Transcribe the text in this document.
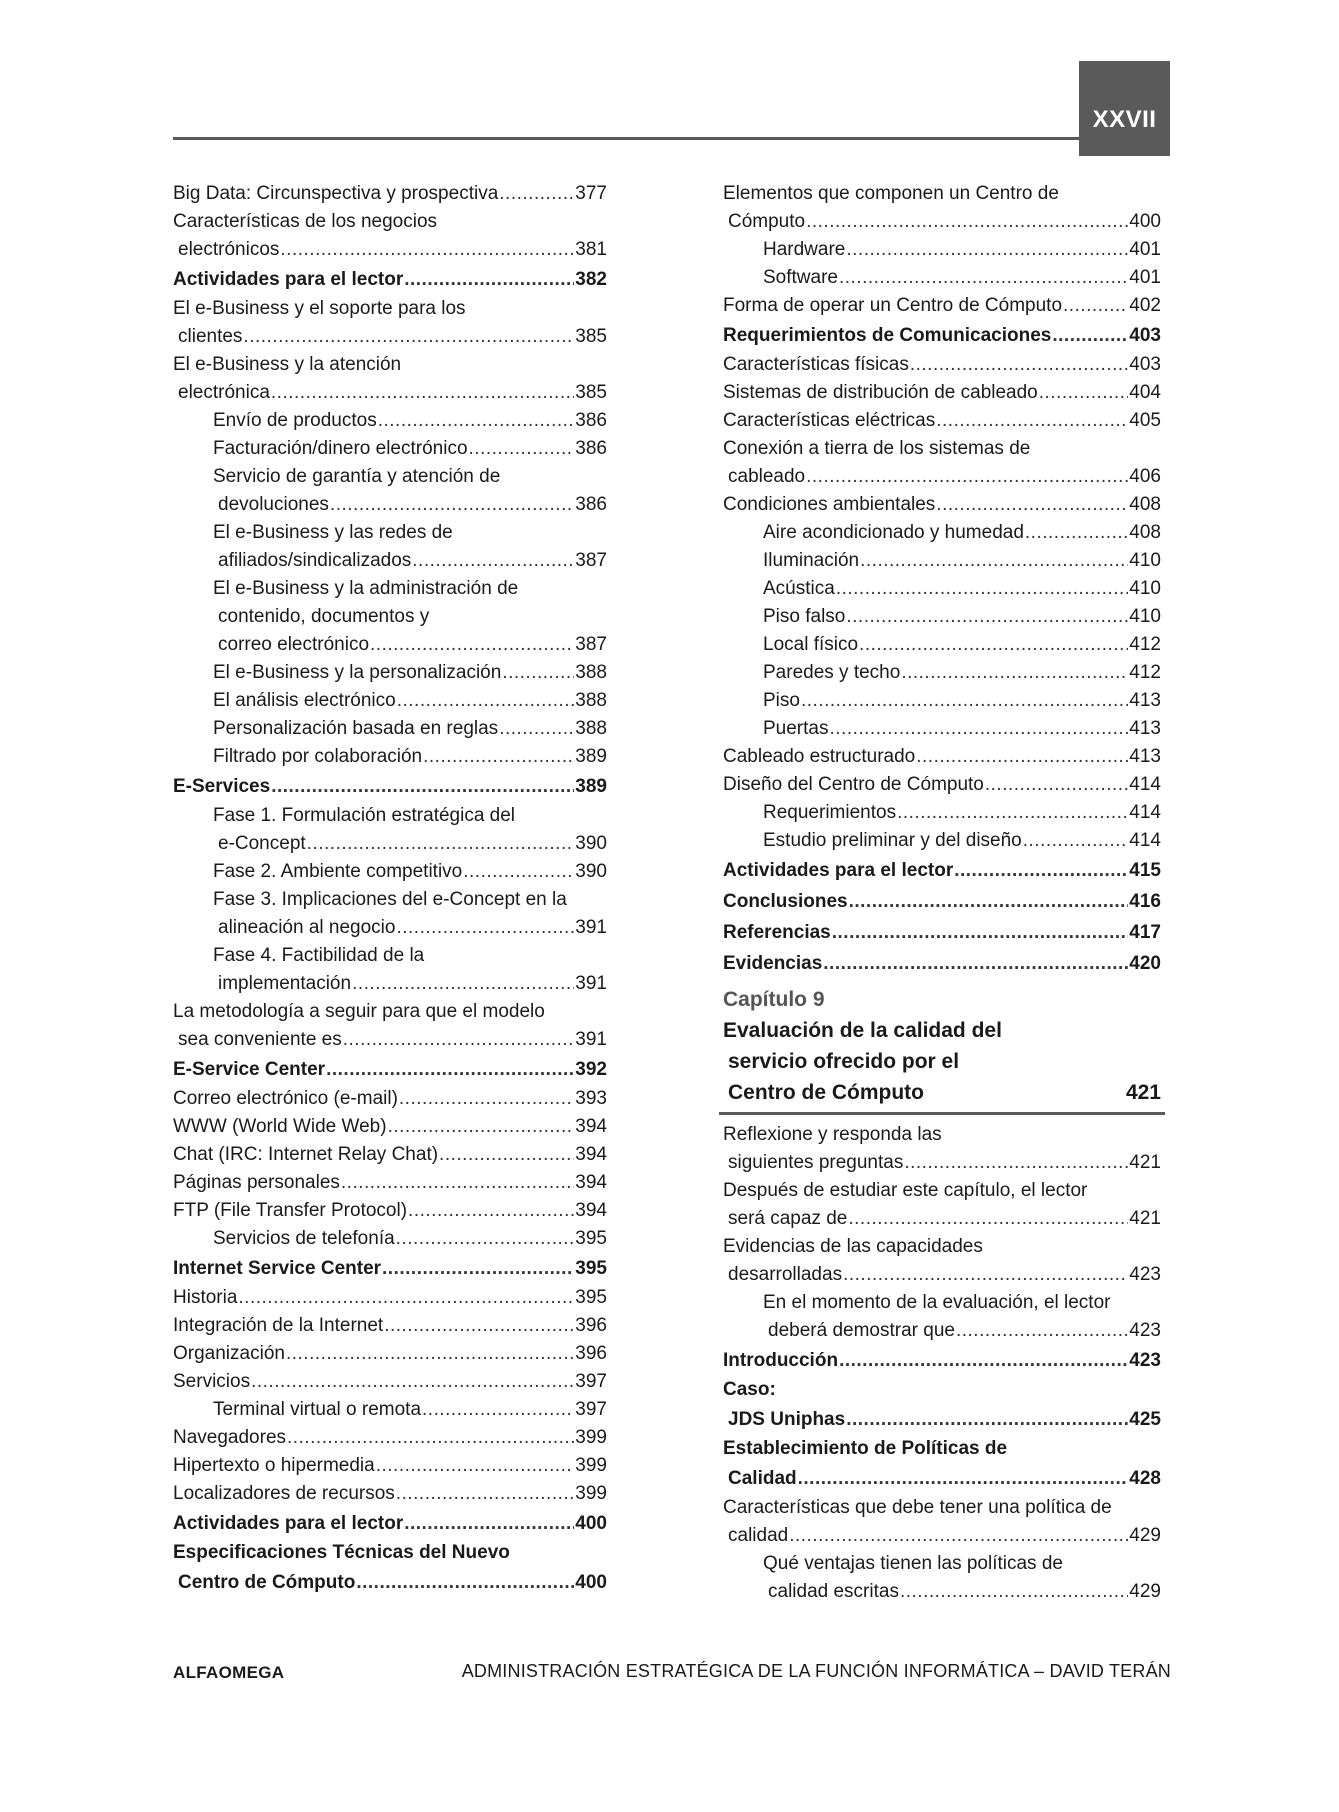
XXVII
Big Data: Circunspectiva y prospectiva .....	377
Características de los negocios
electrónicos .....	381
Actividades para el lector .....	382
El e-Business y el soporte para los
clientes .....	385
El e-Business y la atención
electrónica .....	385
Envío de productos .....	386
Facturación/dinero electrónico .....	386
Servicio de garantía y atención de
devoluciones .....	386
El e-Business y las redes de
afiliados/sindicalizados .....	387
El e-Business y la administración de
contenido, documentos y
correo electrónico .....	387
El e-Business y la personalización .....	388
El análisis electrónico .....	388
Personalización basada en reglas .....	388
Filtrado por colaboración .....	389
E-Services .....	389
Fase 1. Formulación estratégica del
e-Concept .....	390
Fase 2. Ambiente competitivo .....	390
Fase 3. Implicaciones del e-Concept en la
alineación al negocio .....	391
Fase 4. Factibilidad de la
implementación .....	391
La metodología a seguir para que el modelo
sea conveniente es .....	391
E-Service Center .....	392
Correo electrónico (e-mail) .....	393
WWW (World Wide Web) .....	394
Chat (IRC: Internet Relay Chat) .....	394
Páginas personales .....	394
FTP (File Transfer Protocol) .....	394
Servicios de telefonía .....	395
Internet Service Center .....	395
Historia .....	395
Integración de la Internet .....	396
Organización .....	396
Servicios .....	397
Terminal virtual o remota .....	397
Navegadores .....	399
Hipertexto o hipermedia .....	399
Localizadores de recursos .....	399
Actividades para el lector .....	400
Especificaciones Técnicas del Nuevo
Centro de Cómputo .....	400
Elementos que componen un Centro de
Cómputo .....	400
Hardware .....	401
Software .....	401
Forma de operar un Centro de Cómputo .....	402
Requerimientos de Comunicaciones .....	403
Características físicas .....	403
Sistemas de distribución de cableado .....	404
Características eléctricas .....	405
Conexión a tierra de los sistemas de
cableado .....	406
Condiciones ambientales .....	408
Aire acondicionado y humedad .....	408
Iluminación .....	410
Acústica .....	410
Piso falso .....	410
Local físico .....	412
Paredes y techo .....	412
Piso .....	413
Puertas .....	413
Cableado estructurado .....	413
Diseño del Centro de Cómputo .....	414
Requerimientos .....	414
Estudio preliminar y del diseño .....	414
Actividades para el lector .....	415
Conclusiones .....	416
Referencias .....	417
Evidencias .....	420
Capítulo 9
Evaluación de la calidad del
servicio ofrecido por el
Centro de Cómputo	421
Reflexione y responda las
siguientes preguntas .....	421
Después de estudiar este capítulo, el lector
será capaz de .....	421
Evidencias de las capacidades
desarrolladas .....	423
En el momento de la evaluación, el lector
deberá demostrar que .....	423
Introducción .....	423
Caso:
JDS Uniphas .....	425
Establecimiento de Políticas de
Calidad .....	428
Características que debe tener una política de
calidad .....	429
Qué ventajas tienen las políticas de
calidad escritas .....	429
ALFAOMEGA	ADMINISTRACIÓN ESTRATÉGICA DE LA FUNCIÓN INFORMÁTICA – DAVID TERÁN
